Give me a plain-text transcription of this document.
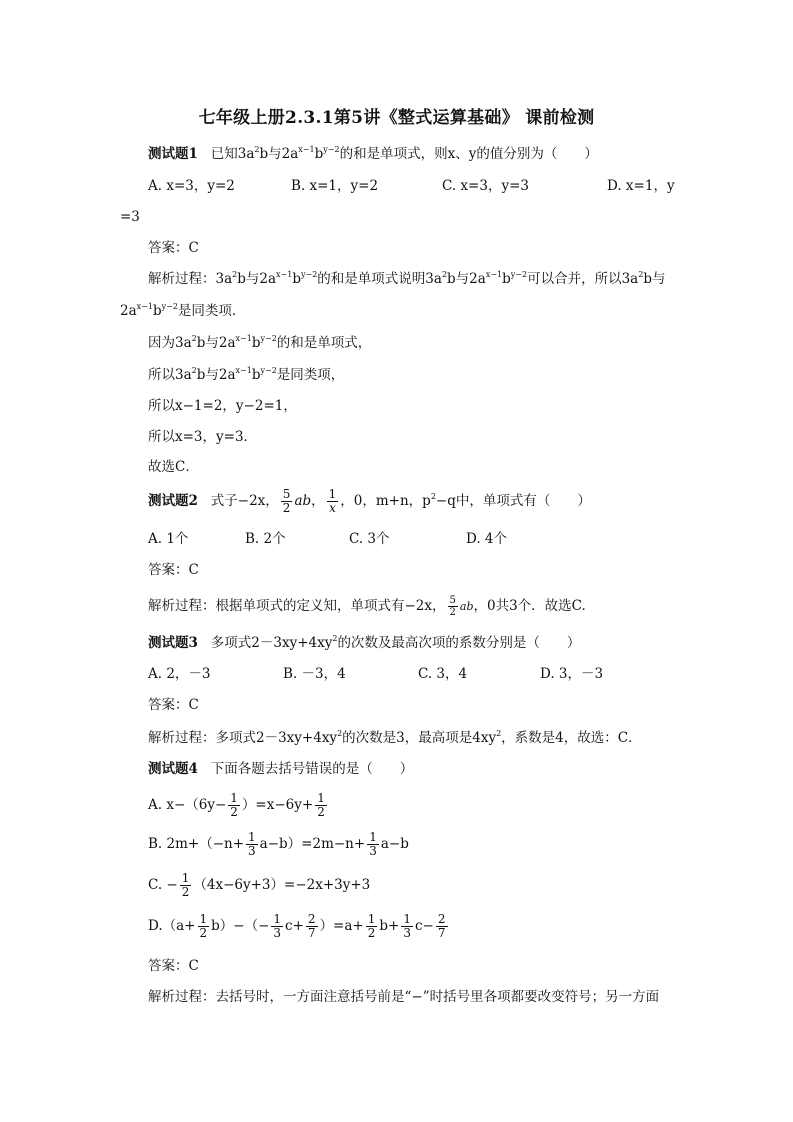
七年级上册2.3.1第5讲《整式运算基础》 课前检测
测试题1 已知$3a^2b$与$2a^{x-1}b^{y-2}$的和是单项式，则x、y的值分别为（　　）
A. x=3，y=2	B. x=1，y=2	C. x=3，y=3	D. x=1，y
=3
答案：C
解析过程：$3a^2b$与$2a^{x-1}b^{y-2}$的和是单项式说明$3a^2b$与$2a^{x-1}b^{y-2}$可以合并，所以$3a^2b$与
$2a^{x-1}b^{y-2}$是同类项．
因为$3a^2b$与$2a^{x-1}b^{y-2}$的和是单项式，
所以$3a^2b$与$2a^{x-1}b^{y-2}$是同类项，
所以x−1=2，y−2=1，
所以x=3，y=3．
故选C．
测试题2 式子−2x， $\frac{5}{2}$ ab， $\frac{1}{x}$ ，0，m+n，$p^2-q$中，单项式有（　　）
A. 1个	B. 2个	C. 3个	D. 4个
答案：C
解析过程：根据单项式的定义知，单项式有−2x， $\frac{5}{2}$ ab，0共3个．故选C.
测试题3 多项式$2-3xy+4xy^2$的次数及最高次项的系数分别是（　　）
A. 2，－3	B. －3，4	C. 3，4	D. 3，－3
答案：C
解析过程：多项式$2-3xy+4xy^2$的次数是3，最高项是$4xy^2$，系数是4，故选：C．
测试题4 下面各题去括号错误的是（　　）
A. $x-(6y- \frac{1}{2} )=x-6y+ \frac{1}{2}$
B. $2m+(-n+ \frac{1}{3} a-b)=2m-n+ \frac{1}{3} a-b$
C. − $\frac{1}{2} (4x-6y+3)=-2x+3y+3$
$D.(a+ \frac{1}{2} b)-(- \frac{1}{3} c+ \frac{2}{7} )=a+ \frac{1}{2} b+ \frac{1}{3} c- \frac{2}{7}$
答案：C
解析过程：去括号时，一方面注意括号前是“−”时括号里各项都要改变符号；另一方面
